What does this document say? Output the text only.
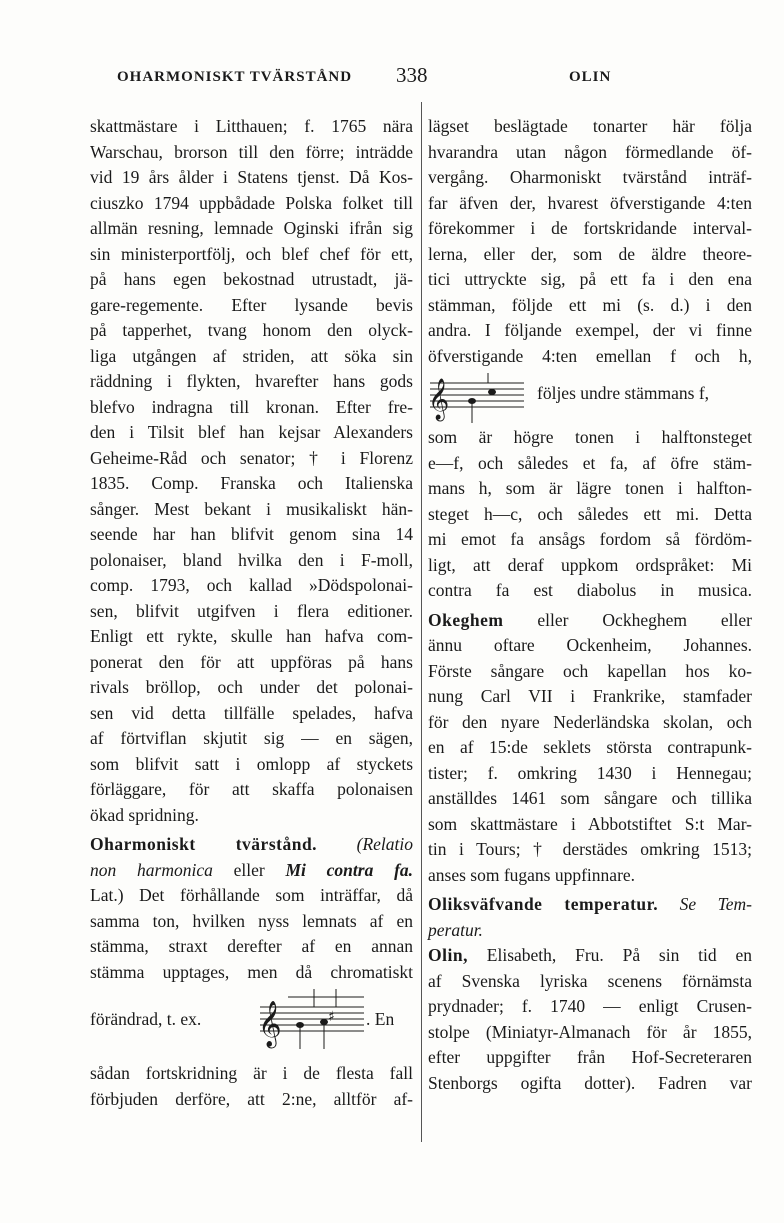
OHARMONISKT TVÄRSTÅND 338	OLIN
skattmästare i Litthauen; f. 1765 nära
Warschau, brorson till den förre; inträdde
vid 19 års ålder i Statens tjenst. Då Kos-
ciuszko 1794 uppbådade Polska folket till
allmän resning, lemnade Oginski ifrån sig
sin ministerportfölj, och blef chef för ett,
på hans egen bekostnad utrustadt, jä-
gare-regemente. Efter lysande bevis
på tapperhet, tvang honom den olyck-
liga utgången af striden, att söka sin
räddning i flykten, hvarefter hans gods
blefvo indragna till kronan. Efter fre-
den i Tilsit blef han kejsar Alexanders
Geheime-Råd och senator; † i Florenz
1835. Comp. Franska och Italienska
sånger. Mest bekant i musikaliskt hän-
seende har han blifvit genom sina 14
polonaiser, bland hvilka den i F-moll,
comp. 1793, och kallad »Dödspolonai-
sen, blifvit utgifven i flera editioner.
Enligt ett rykte, skulle han hafva com-
ponerat den för att uppföras på hans
rivals bröllop, och under det polonai-
sen vid detta tillfälle spelades, hafva
af förtviflan skjutit sig — en sägen,
som blifvit satt i omlopp af styckets
förläggare, för att skaffa polonaisen
ökad spridning.
Oharmoniskt tvärstånd. (Relatio
non harmonica eller Mi contra fa.
Lat.) Det förhållande som inträffar, då
samma ton, hvilken nyss lemnats af en
stämma, straxt derefter af en annan
stämma upptages, men då chromatiskt
förändrad, t. ex. 𝄞	♯ . En
sådan fortskridning är i de flesta fall
förbjuden derföre, att 2:ne, alltför af-
lägset beslägtade tonarter här följa
hvarandra utan någon förmedlande öf-
vergång. Oharmoniskt tvärstånd inträf-
far äfven der, hvarest öfverstigande 4:ten
förekommer i de fortskridande interval-
lerna, eller der, som de äldre theore-
tici uttryckte sig, på ett fa i den ena
stämman, följde ett mi (s. d.) i den
andra. I följande exempel, der vi finne
öfverstigande 4:ten emellan f och h,
𝄞	följes undre stämmans f,
som är högre tonen i halftonsteget
e—f, och således et fa, af öfre stäm-
mans h, som är lägre tonen i halfton-
steget h—c, och således ett mi. Detta
mi emot fa ansågs fordom så fördöm-
ligt, att deraf uppkom ordspråket: Mi
contra fa est diabolus in musica.
Okeghem eller Ockheghem eller
ännu oftare Ockenheim, Johannes.
Förste sångare och kapellan hos ko-
nung Carl VII i Frankrike, stamfader
för den nyare Nederländska skolan, och
en af 15:de seklets största contrapunk-
tister; f. omkring 1430 i Hennegau;
anställdes 1461 som sångare och tillika
som skattmästare i Abbotstiftet S:t Mar-
tin i Tours; † derstädes omkring 1513;
anses som fugans uppfinnare.
Oliksväfvande temperatur. Se Tem-
peratur.
Olin, Elisabeth, Fru. På sin tid en
af Svenska lyriska scenens förnämsta
prydnader; f. 1740 — enligt Crusen-
stolpe (Miniatyr-Almanach för år 1855,
efter uppgifter från Hof-Secreteraren
Stenborgs ogifta dotter). Fadren var
